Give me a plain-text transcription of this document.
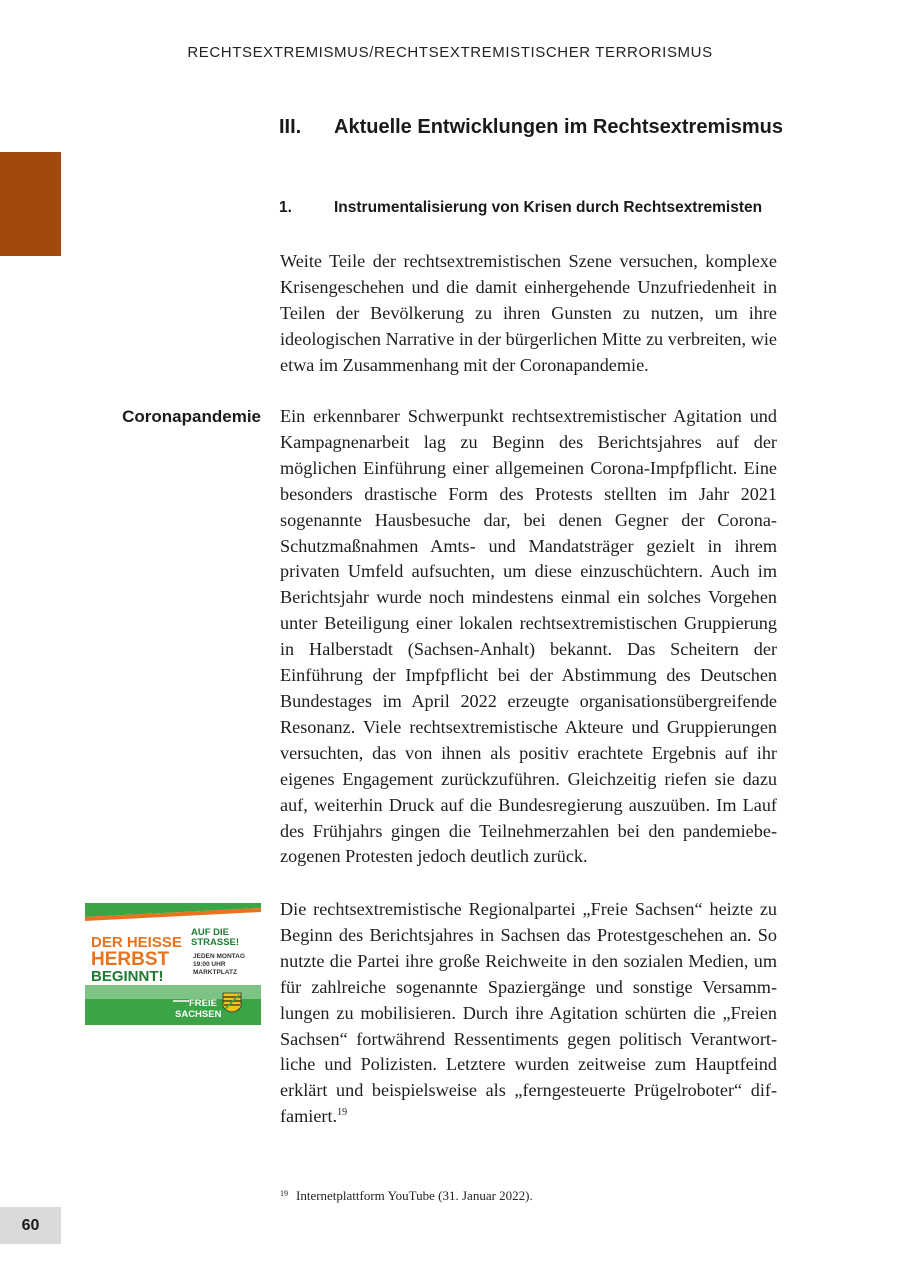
RECHTSEXTREMISMUS/RECHTSEXTREMISTISCHER TERRORISMUS
III. Aktuelle Entwicklungen im Rechtsextremismus
1.	Instrumentalisierung von Krisen durch Rechtsextremisten

Weite Teile der rechtsextremistischen Szene versuchen, komplexe Krisengeschehen und die damit einhergehende Unzufriedenheit in Teilen der Bevölkerung zu ihren Gunsten zu nutzen, um ihre ideologischen Narrative in der bürgerlichen Mitte zu verbreiten, wie etwa im Zusammenhang mit der Coronapandemie.

Coronapandemie Ein erkennbarer Schwerpunkt rechtsextremistischer Agitation und Kampagnenarbeit lag zu Beginn des Berichtsjahres auf der möglichen Einführung einer allgemeinen Corona-Impfpflicht. Eine besonders drastische Form des Protests stellten im Jahr 2021 sogenannte Hausbesuche dar, bei denen Gegner der Corona-Schutzmaßnahmen Amts- und Mandatsträger gezielt in ihrem privaten Umfeld aufsuchten, um diese einzuschüchtern. Auch im Berichtsjahr wurde noch mindestens einmal ein solches Vorgehen unter Beteiligung einer lokalen rechtsextremistischen Gruppierung in Halberstadt (Sachsen-Anhalt) bekannt. Das Scheitern der Einführung der Impfpflicht bei der Abstimmung des Deutschen Bundestages im April 2022 erzeugte organisationsübergreifende Resonanz. Viele rechtsextremistische Akteure und Gruppierungen versuchten, das von ihnen als positiv erachtete Ergebnis auf ihr eigenes Engagement zurückzuführen. Gleichzeitig riefen sie dazu auf, weiterhin Druck auf die Bundesregierung auszuüben. Im Lauf des Frühjahrs gingen die Teilnehmerzahlen bei den pandemiebezogenen Protesten jedoch deutlich zurück.

DER HEISSE
HERBST
BEGINNT!
AUF DIE
STRASSE!
JEDEN MONTAG
19:00 UHR
MARKTPLATZ
FREIE
SACHSEN

Die rechtsextremistische Regionalpartei „Freie Sachsen“ heizte zu Beginn des Berichtsjahres in Sachsen das Protestgeschehen an. So nutzte die Partei ihre große Reichweite in den sozialen Medien, um für zahlreiche sogenannte Spaziergänge und sonstige Versammlungen zu mobilisieren. Durch ihre Agitation schürten die „Freien Sachsen“ fortwährend Ressentiments gegen politisch Verantwortliche und Polizisten. Letztere wurden zeitweise zum Hauptfeind erklärt und beispielsweise als „ferngesteuerte Prügelroboter“ diffamiert.$^{19}$

$^{19}$ Internetplattform YouTube (31. Januar 2022).

60
